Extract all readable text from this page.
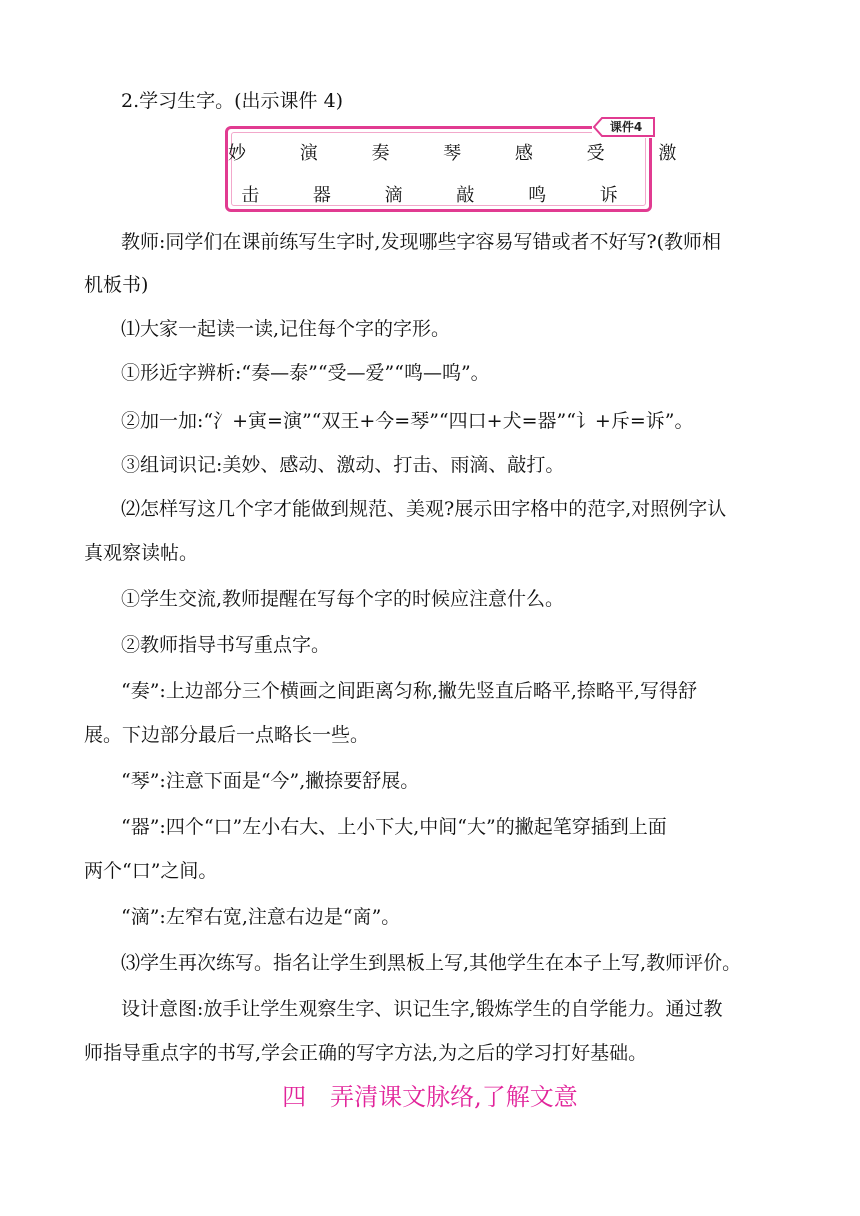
2.学习生字。(出示课件 4)

妙 演 奏 琴 感 受 激
击 器 滴 敲 鸣 诉
课件4

教师:同学们在课前练写生字时,发现哪些字容易写错或者不好写?(教师相

机板书)

⑴大家一起读一读,记住每个字的字形。

①形近字辨析:“奏—泰”“受—爱”“鸣—呜”。

②加一加:“氵+寅=演”“双王+今=琴”“四口+犬=器”“讠+斥=诉”。

③组词识记:美妙、感动、激动、打击、雨滴、敲打。

⑵怎样写这几个字才能做到规范、美观?展示田字格中的范字,对照例字认

真观察读帖。

①学生交流,教师提醒在写每个字的时候应注意什么。

②教师指导书写重点字。

“奏”:上边部分三个横画之间距离匀称,撇先竖直后略平,捺略平,写得舒

展。下边部分最后一点略长一些。

“琴”:注意下面是“今”,撇捺要舒展。

“器”:四个“口”左小右大、上小下大,中间“大”的撇起笔穿插到上面

两个“口”之间。

“滴”:左窄右宽,注意右边是“啇”。

⑶学生再次练写。指名让学生到黑板上写,其他学生在本子上写,教师评价。

设计意图:放手让学生观察生字、识记生字,锻炼学生的自学能力。通过教

师指导重点字的书写,学会正确的写字方法,为之后的学习打好基础。

四　弄清课文脉络,了解文意
